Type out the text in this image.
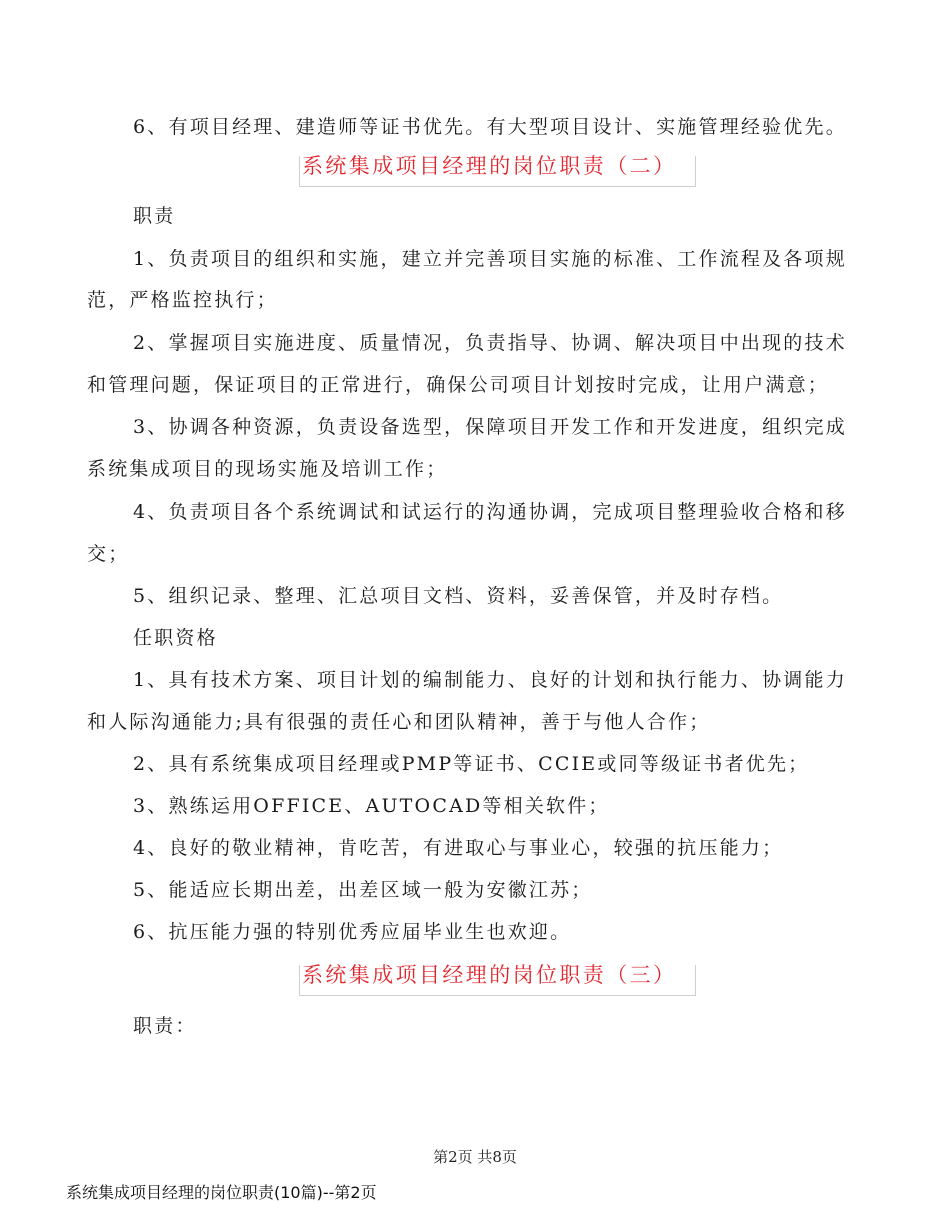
6、有项目经理、建造师等证书优先。有大型项目设计、实施管理经验优先。
系统集成项目经理的岗位职责（二）
职责
1、负责项目的组织和实施，建立并完善项目实施的标准、工作流程及各项规
范，严格监控执行；
2、掌握项目实施进度、质量情况，负责指导、协调、解决项目中出现的技术
和管理问题，保证项目的正常进行，确保公司项目计划按时完成，让用户满意；
3、协调各种资源，负责设备选型，保障项目开发工作和开发进度，组织完成
系统集成项目的现场实施及培训工作；
4、负责项目各个系统调试和试运行的沟通协调，完成项目整理验收合格和移
交；
5、组织记录、整理、汇总项目文档、资料，妥善保管，并及时存档。
任职资格
1、具有技术方案、项目计划的编制能力、良好的计划和执行能力、协调能力
和人际沟通能力;具有很强的责任心和团队精神，善于与他人合作；
2、具有系统集成项目经理或PMP等证书、CCIE或同等级证书者优先；
3、熟练运用OFFICE、AUTOCAD等相关软件；
4、良好的敬业精神，肯吃苦，有进取心与事业心，较强的抗压能力；
5、能适应长期出差，出差区域一般为安徽江苏；
6、抗压能力强的特别优秀应届毕业生也欢迎。
系统集成项目经理的岗位职责（三）
职责：
第2页 共8页
系统集成项目经理的岗位职责(10篇)--第2页
